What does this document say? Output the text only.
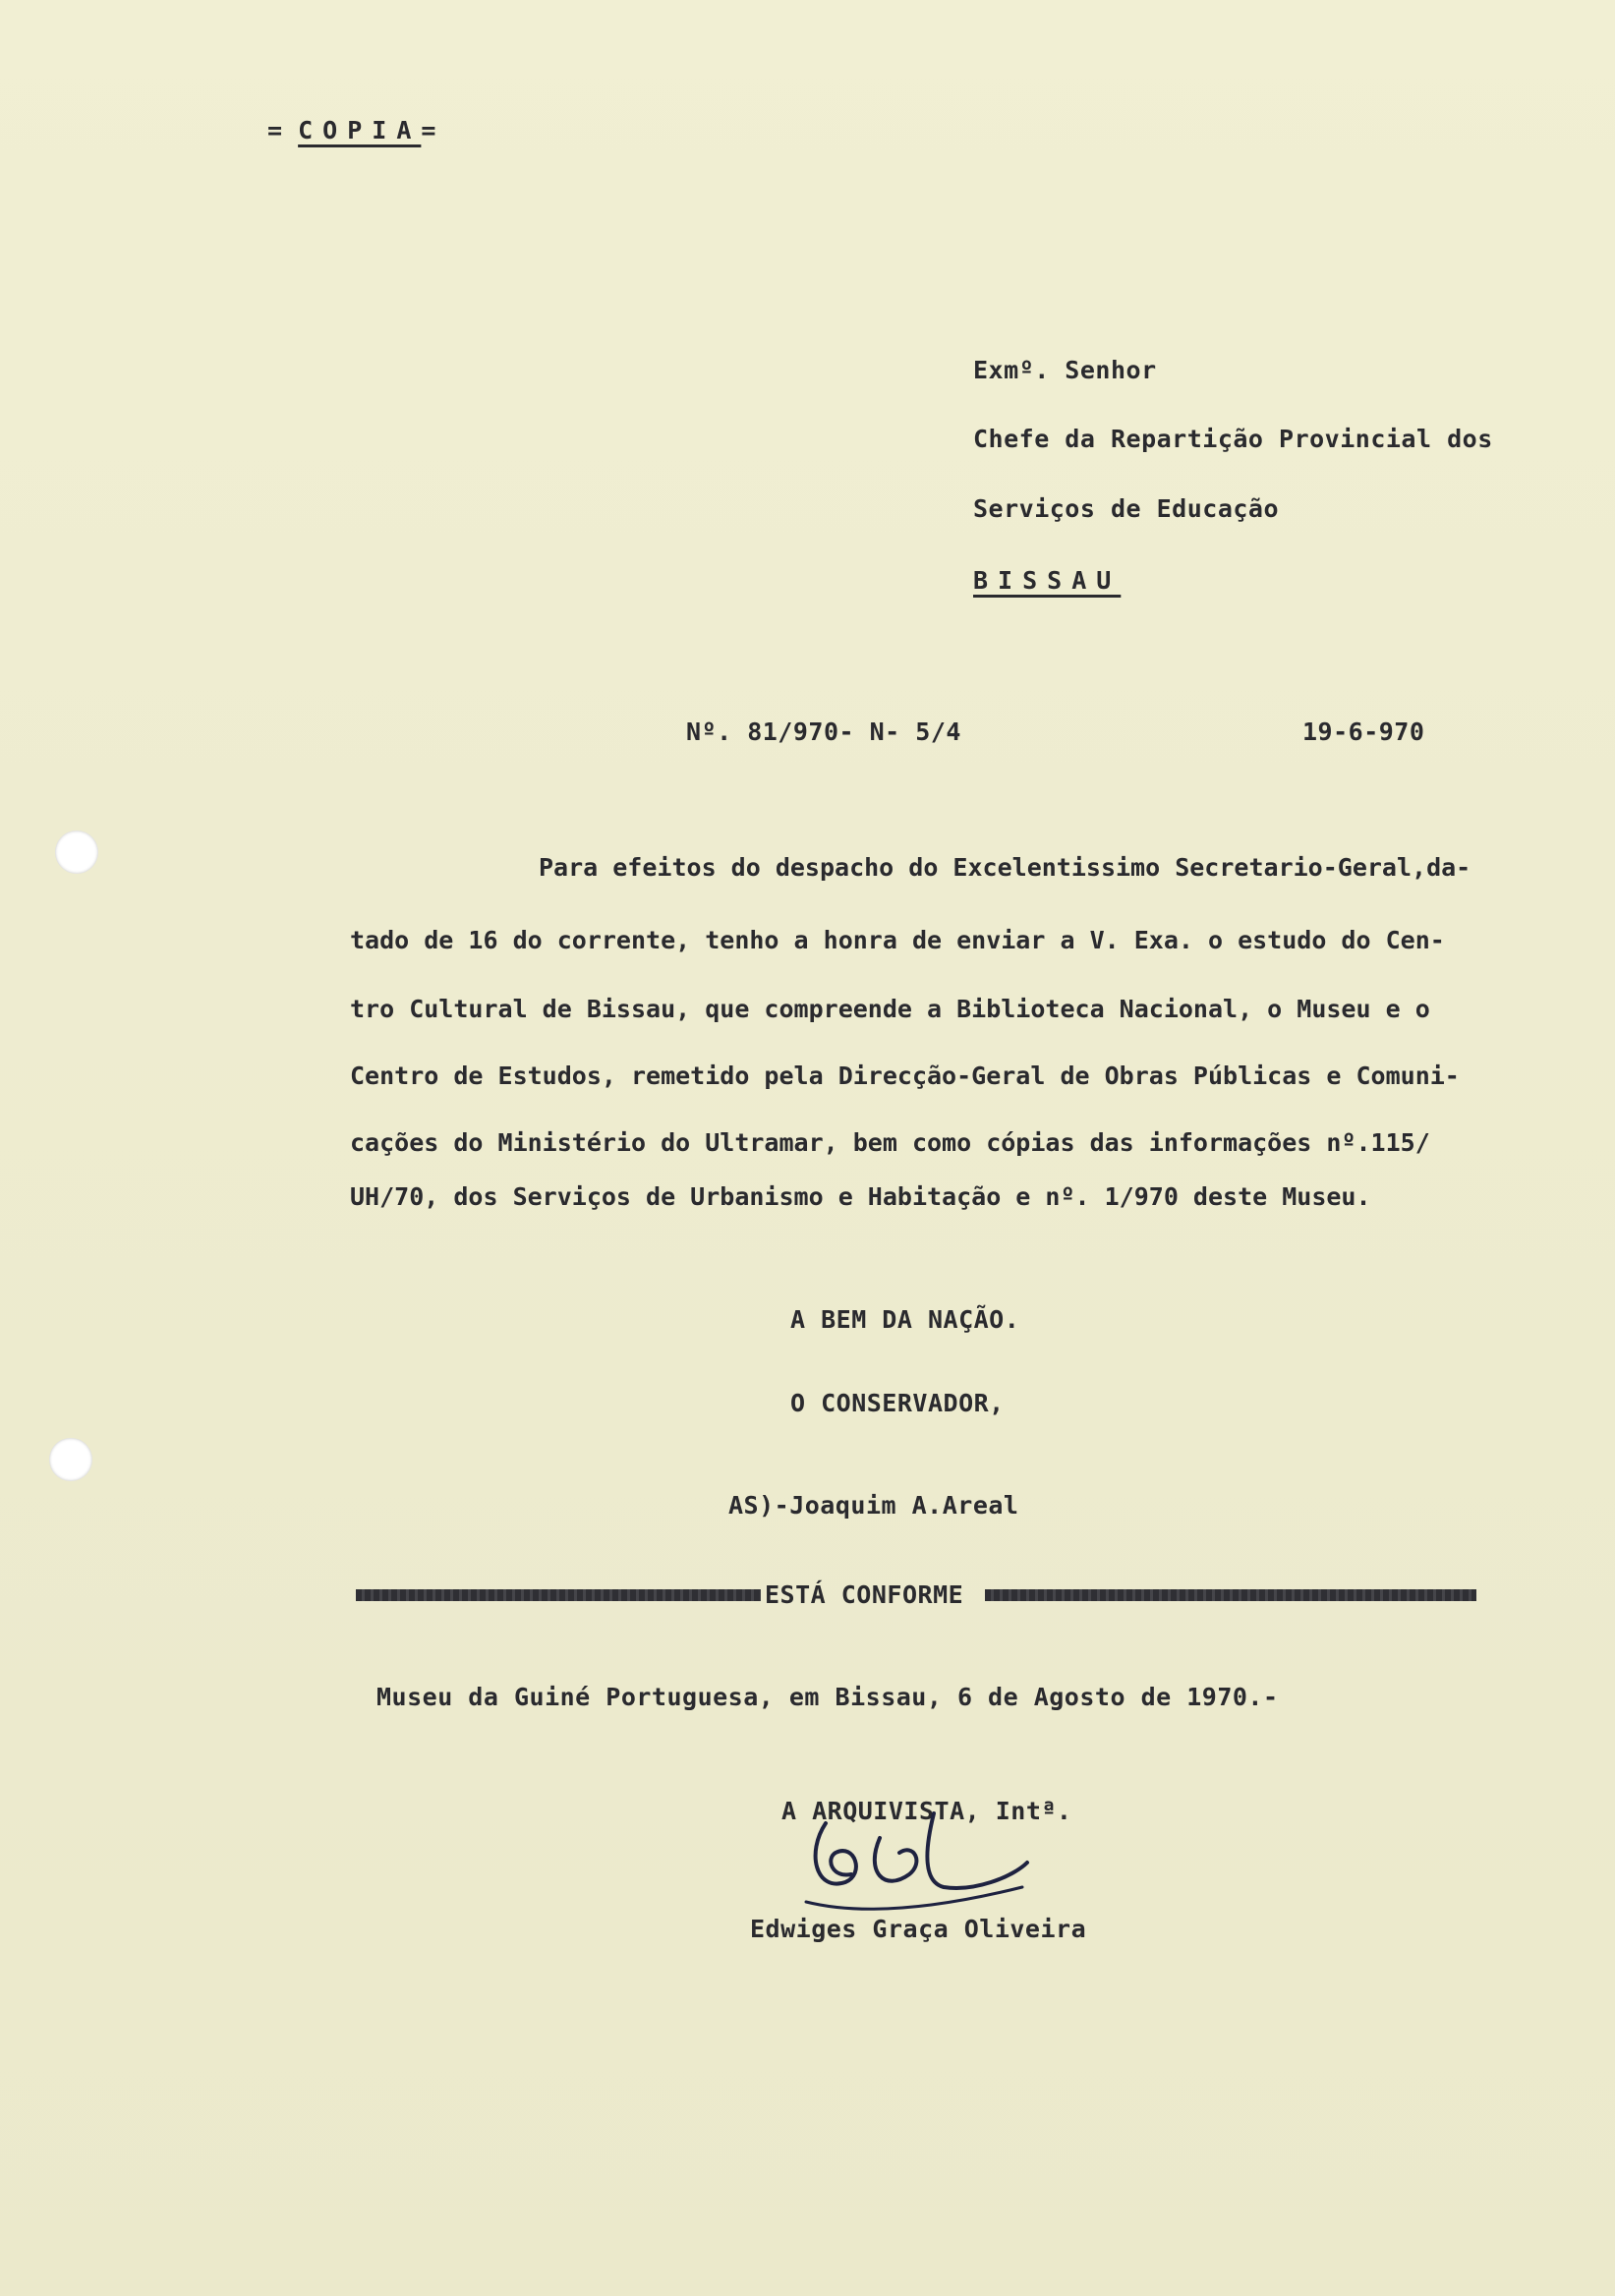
= COPIA=
Exmº. Senhor
Chefe da Repartição Provincial dos
Serviços de Educação
BISSAU
Nº. 81/970- N- 5/4	19-6-970
Para efeitos do despacho do Excelentissimo Secretario-Geral,da-
tado de 16 do corrente, tenho a honra de enviar a V. Exa. o estudo do Cen-
tro Cultural de Bissau, que compreende a Biblioteca Nacional, o Museu e o
Centro de Estudos, remetido pela Direcção-Geral de Obras Públicas e Comuni-
cações do Ministério do Ultramar, bem como cópias das informações nº.115/
UH/70, dos Serviços de Urbanismo e Habitação e nº. 1/970 deste Museu.
A BEM DA NAÇÃO.
O CONSERVADOR,
AS)-Joaquim A.Areal
ESTÁ CONFORME
Museu da Guiné Portuguesa, em Bissau, 6 de Agosto de 1970.-
A ARQUIVISTA, Intª.
Edwiges Graça Oliveira
